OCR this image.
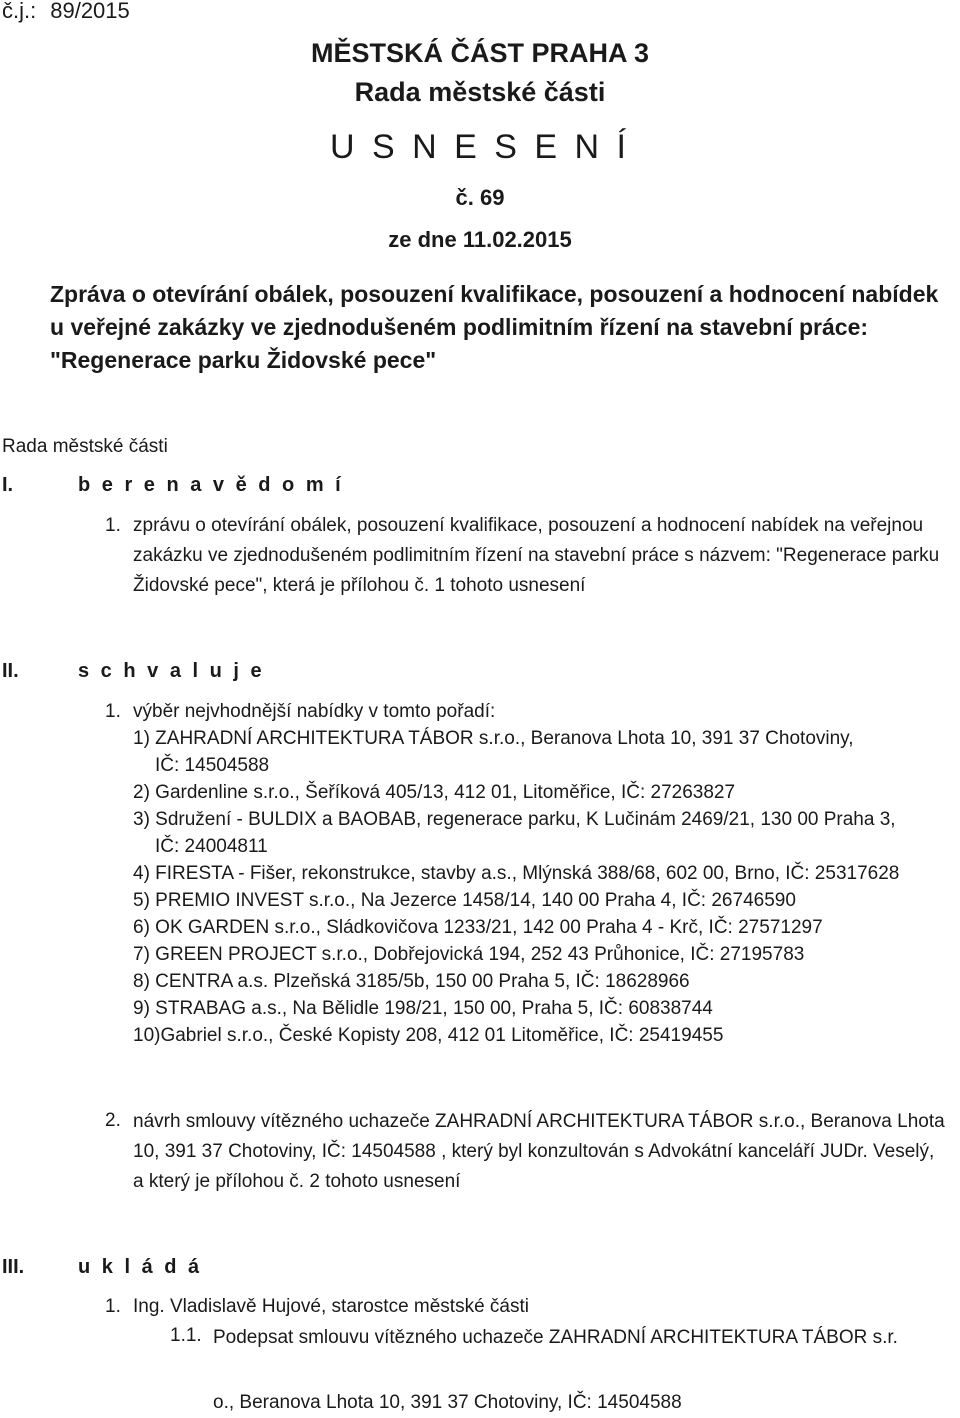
č.j.: 89/2015
MĚSTSKÁ ČÁST PRAHA 3
Rada městské části
U S N E S E N Í
č. 69
ze dne 11.02.2015
Zpráva o otevírání obálek, posouzení kvalifikace, posouzení a hodnocení nabídek u veřejné zakázky ve zjednodušeném podlimitním řízení na stavební práce: "Regenerace parku Židovské pece"
Rada městské části
I.	b e r e n a v ě d o m í
1. zprávu o otevírání obálek, posouzení kvalifikace, posouzení a hodnocení nabídek na veřejnou zakázku ve zjednodušeném podlimitním řízení na stavební práce s názvem: "Regenerace parku Židovské pece", která je přílohou č. 1 tohoto usnesení
II.	s c h v a l u j e
1. výběr nejvhodnější nabídky v tomto pořadí:
1) ZAHRADNÍ ARCHITEKTURA TÁBOR s.r.o., Beranova Lhota 10, 391 37 Chotoviny,
IČ: 14504588
2) Gardenline s.r.o., Šeříková 405/13, 412 01, Litoměřice, IČ: 27263827
3) Sdružení - BULDIX a BAOBAB, regenerace parku, K Lučinám 2469/21, 130 00 Praha 3,
IČ: 24004811
4) FIRESTA - Fišer, rekonstrukce, stavby a.s., Mlýnská 388/68, 602 00, Brno, IČ: 25317628
5) PREMIO INVEST s.r.o., Na Jezerce 1458/14, 140 00 Praha 4, IČ: 26746590
6) OK GARDEN s.r.o., Sládkovičova 1233/21, 142 00 Praha 4 - Krč, IČ: 27571297
7) GREEN PROJECT s.r.o., Dobřejovická 194, 252 43 Průhonice, IČ: 27195783
8) CENTRA a.s. Plzeňská 3185/5b, 150 00 Praha 5, IČ: 18628966
9) STRABAG a.s., Na Bělidle 198/21, 150 00, Praha 5, IČ: 60838744
10)Gabriel s.r.o., České Kopisty 208, 412 01 Litoměřice, IČ: 25419455
2. návrh smlouvy vítězného uchazeče ZAHRADNÍ ARCHITEKTURA TÁBOR s.r.o., Beranova Lhota 10, 391 37 Chotoviny, IČ: 14504588 , který byl konzultován s Advokátní kanceláří JUDr. Veselý, a který je přílohou č. 2 tohoto usnesení
III.	u k l á d á
1. Ing. Vladislavě Hujové, starostce městské části
1.1. Podepsat smlouvu vítězného uchazeče ZAHRADNÍ ARCHITEKTURA TÁBOR s.r.
o., Beranova Lhota 10, 391 37 Chotoviny, IČ: 14504588
